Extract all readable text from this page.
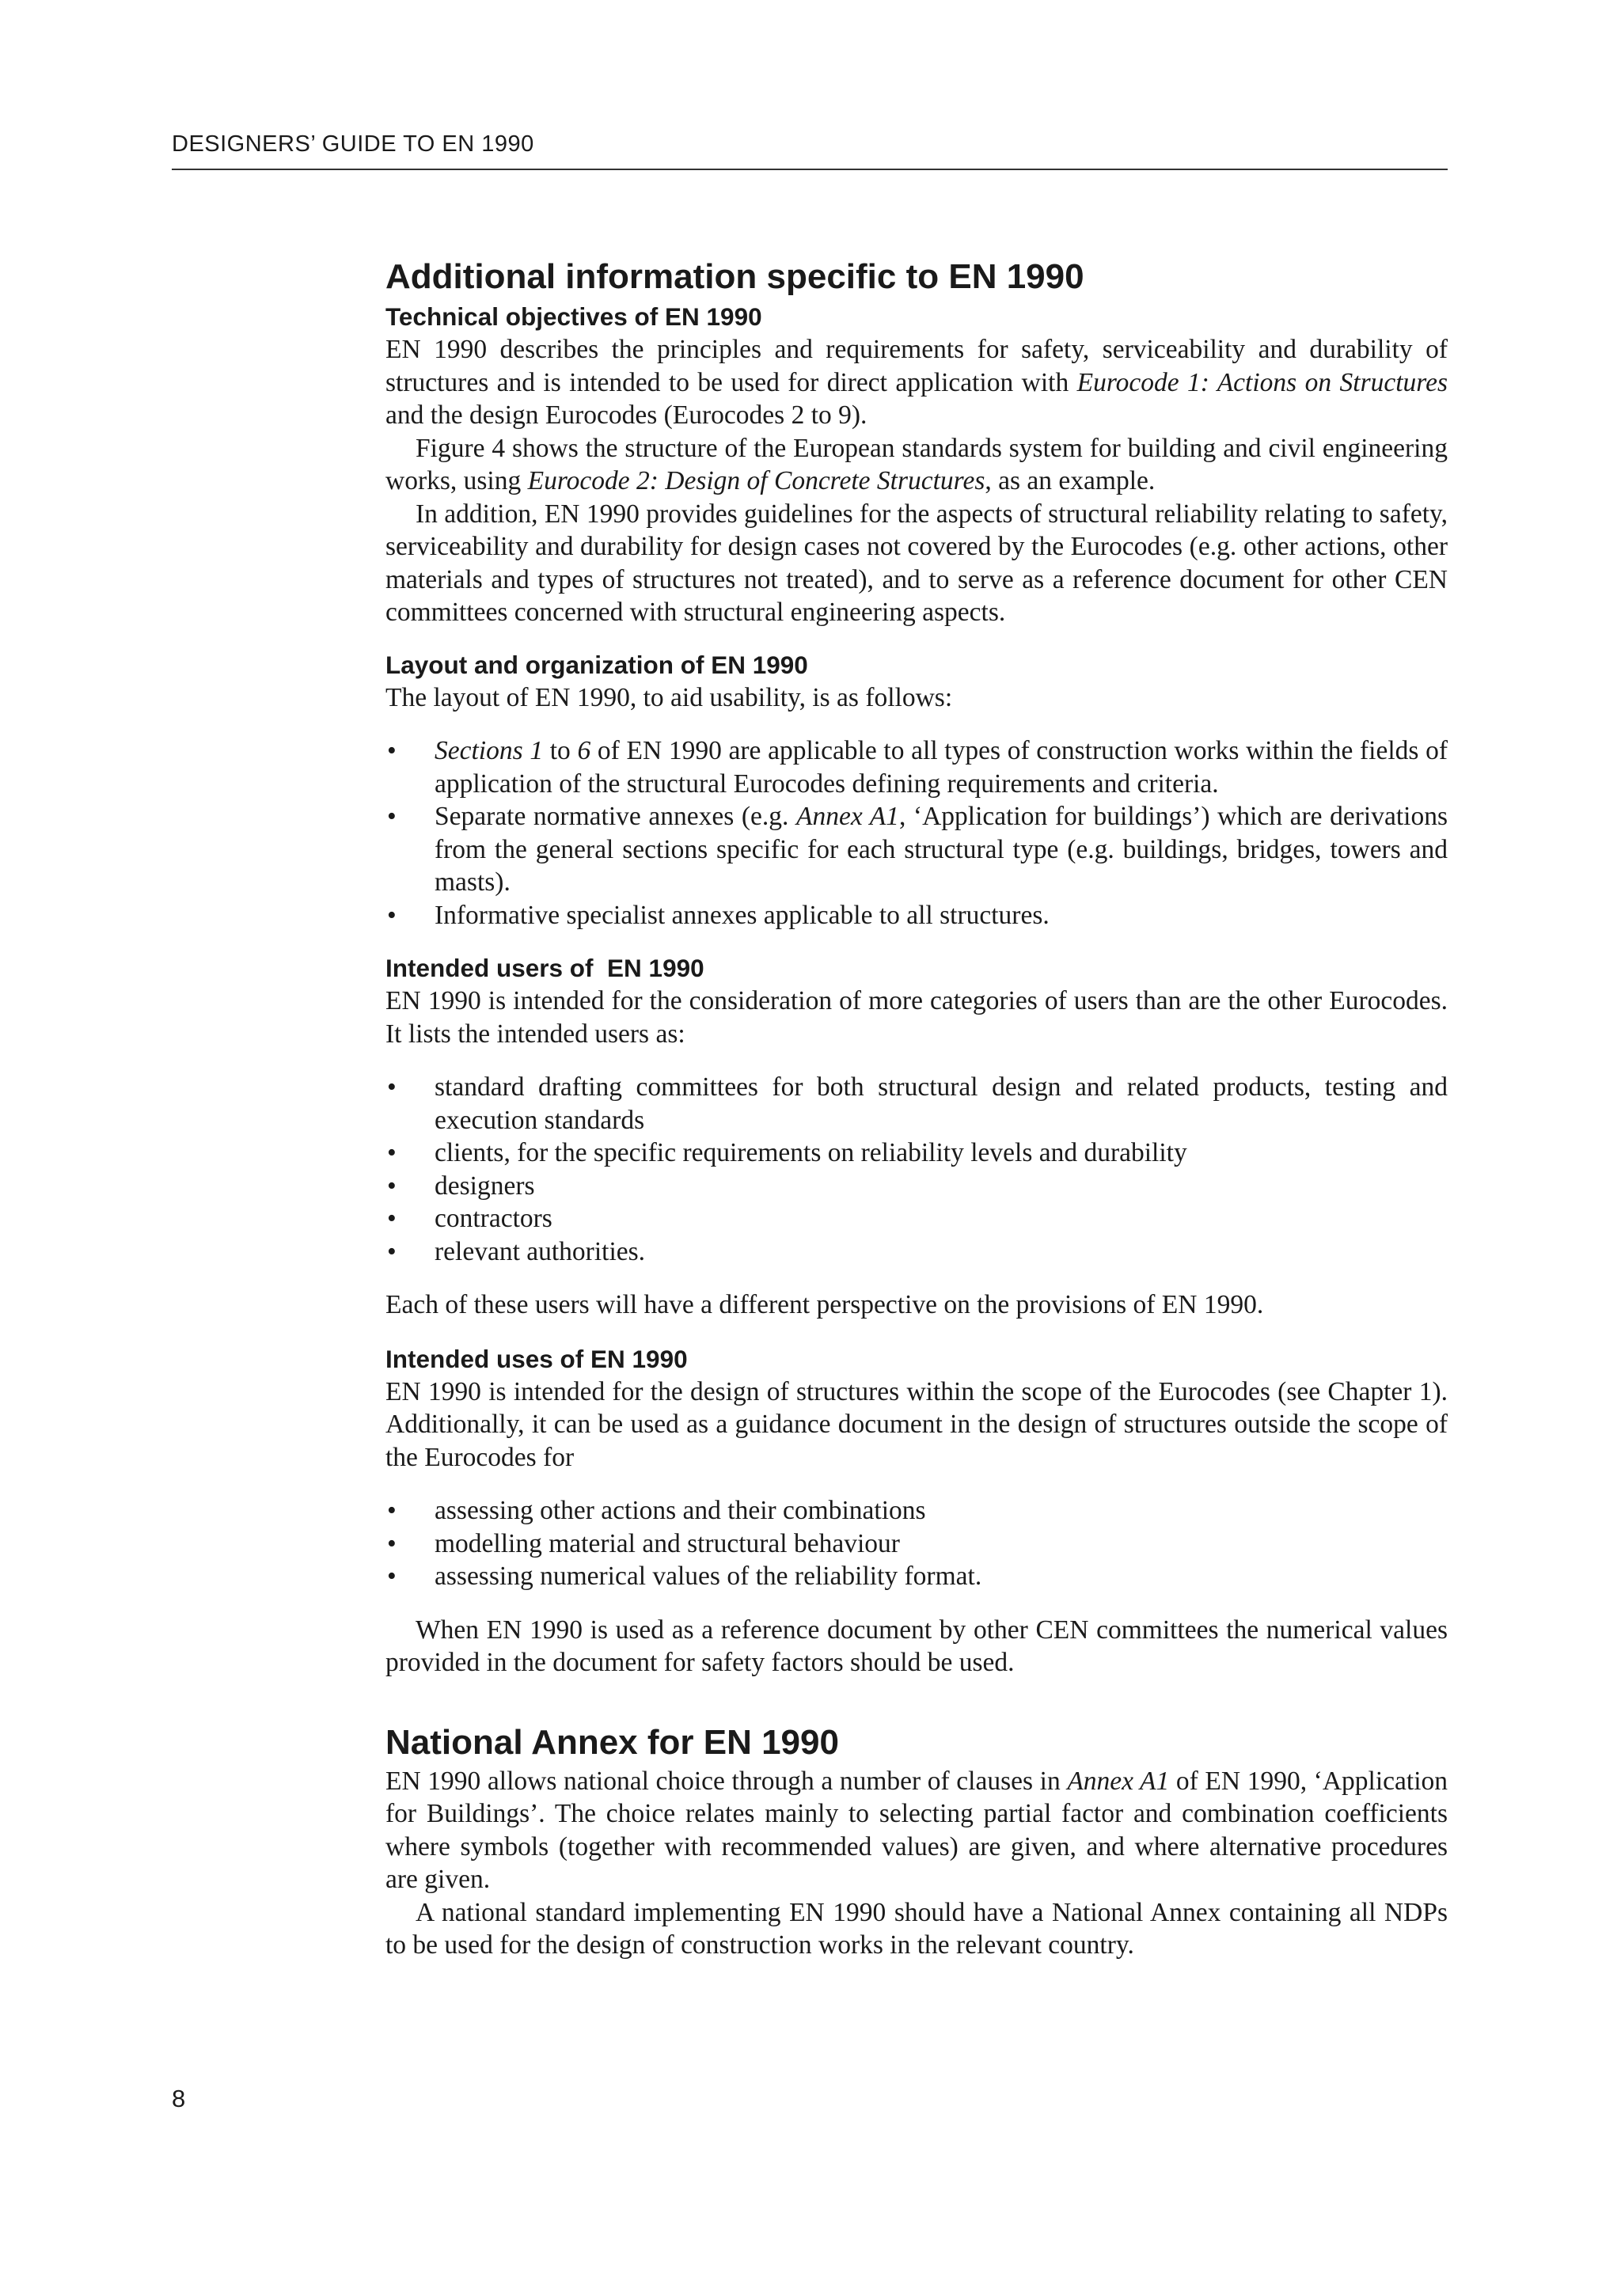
DESIGNERS’ GUIDE TO EN 1990
Additional information specific to EN 1990
Technical objectives of EN 1990

EN 1990 describes the principles and requirements for safety, serviceability and durability of structures and is intended to be used for direct application with Eurocode 1: Actions on Structures and the design Eurocodes (Eurocodes 2 to 9).

Figure 4 shows the structure of the European standards system for building and civil engineering works, using Eurocode 2: Design of Concrete Structures, as an example.

In addition, EN 1990 provides guidelines for the aspects of structural reliability relating to safety, serviceability and durability for design cases not covered by the Eurocodes (e.g. other actions, other materials and types of structures not treated), and to serve as a reference document for other CEN committees concerned with structural engineering aspects.

Layout and organization of EN 1990

The layout of EN 1990, to aid usability, is as follows:

• Sections 1 to 6 of EN 1990 are applicable to all types of construction works within the fields of application of the structural Eurocodes defining requirements and criteria.
• Separate normative annexes (e.g. Annex A1, ‘Application for buildings’) which are derivations from the general sections specific for each structural type (e.g. buildings, bridges, towers and masts).
• Informative specialist annexes applicable to all structures.
Intended users of  EN 1990

EN 1990 is intended for the consideration of more categories of users than are the other Eurocodes. It lists the intended users as:

• standard drafting committees for both structural design and related products, testing and execution standards
• clients, for the specific requirements on reliability levels and durability
• designers
• contractors
• relevant authorities.

Each of these users will have a different perspective on the provisions of EN 1990.

Intended uses of EN 1990

EN 1990 is intended for the design of structures within the scope of the Eurocodes (see Chapter 1). Additionally, it can be used as a guidance document in the design of structures outside the scope of the Eurocodes for

• assessing other actions and their combinations
• modelling material and structural behaviour
• assessing numerical values of the reliability format.

When EN 1990 is used as a reference document by other CEN committees the numerical values provided in the document for safety factors should be used.

National Annex for EN 1990

EN 1990 allows national choice through a number of clauses in Annex A1 of EN 1990, ‘Application for Buildings’. The choice relates mainly to selecting partial factor and combination coefficients where symbols (together with recommended values) are given, and where alternative procedures are given.

A national standard implementing EN 1990 should have a National Annex containing all NDPs to be used for the design of construction works in the relevant country.

8
